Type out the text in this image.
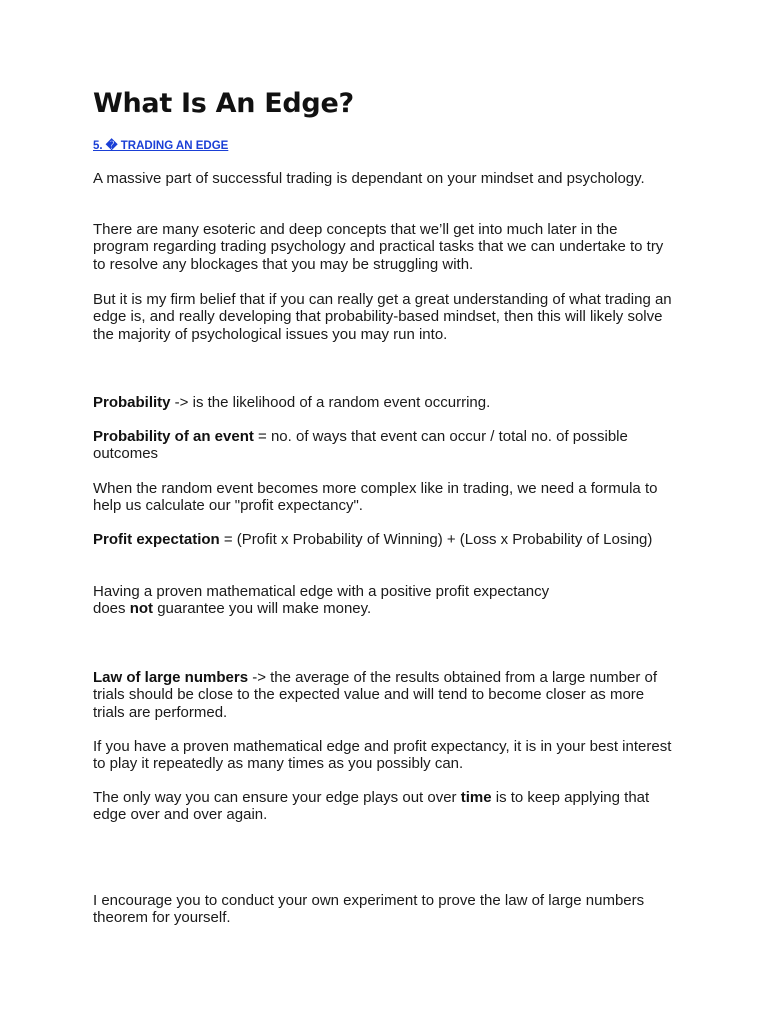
What Is An Edge?
5. � TRADING AN EDGE

A massive part of successful trading is dependant on your mindset and psychology.

There are many esoteric and deep concepts that we’ll get into much later in the program regarding trading psychology and practical tasks that we can undertake to try to resolve any blockages that you may be struggling with.

But it is my firm belief that if you can really get a great understanding of what trading an edge is, and really developing that probability-based mindset, then this will likely solve the majority of psychological issues you may run into.

Probability -> is the likelihood of a random event occurring.

Probability of an event = no. of ways that event can occur / total no. of possible outcomes

When the random event becomes more complex like in trading, we need a formula to help us calculate our "profit expectancy".

Profit expectation = (Profit x Probability of Winning) + (Loss x Probability of Losing)

Having a proven mathematical edge with a positive profit expectancy
does not guarantee you will make money.

Law of large numbers -> the average of the results obtained from a large number of trials should be close to the expected value and will tend to become closer as more trials are performed.

If you have a proven mathematical edge and profit expectancy, it is in your best interest to play it repeatedly as many times as you possibly can.

The only way you can ensure your edge plays out over time is to keep applying that edge over and over again.

I encourage you to conduct your own experiment to prove the law of large numbers theorem for yourself.
